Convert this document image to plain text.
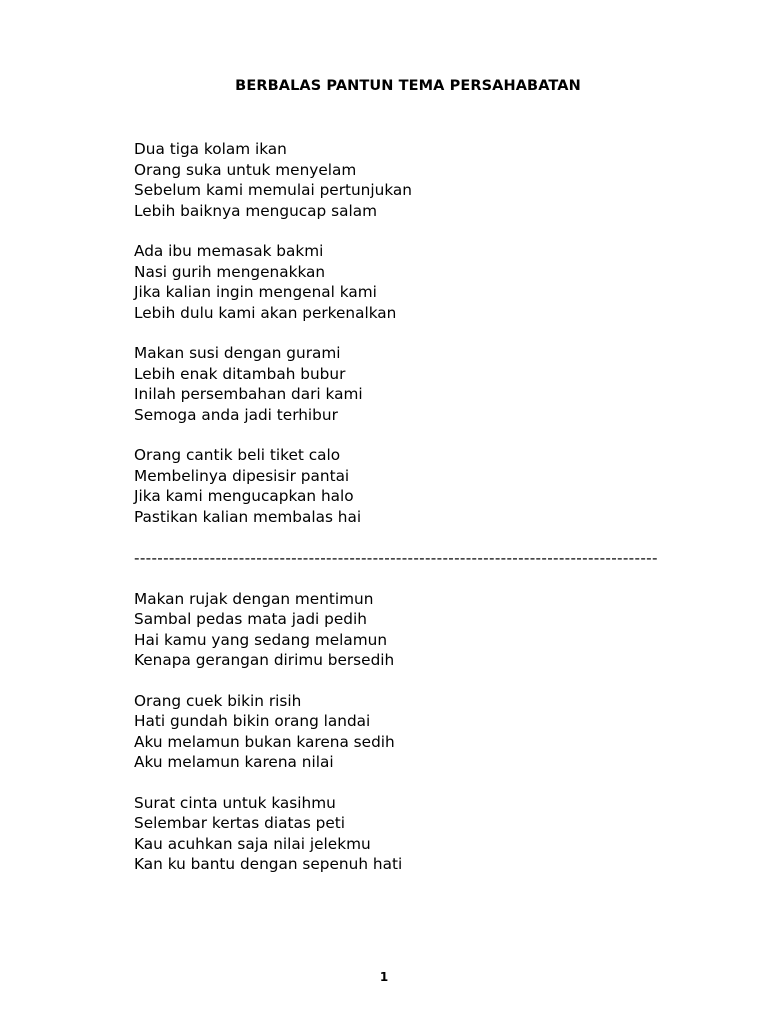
BERBALAS PANTUN TEMA PERSAHABATAN
Dua tiga kolam ikan
Orang suka untuk menyelam
Sebelum kami memulai pertunjukan
Lebih baiknya mengucap salam
Ada ibu memasak bakmi
Nasi gurih mengenakkan
Jika kalian ingin mengenal kami
Lebih dulu kami akan perkenalkan
Makan susi dengan gurami
Lebih enak ditambah bubur
Inilah persembahan dari kami
Semoga anda jadi terhibur
Orang cantik beli tiket calo
Membelinya dipesisir pantai
Jika kami mengucapkan halo
Pastikan kalian membalas hai
------------------------------------------------------------------------------------------
Makan rujak dengan mentimun
Sambal pedas mata jadi pedih
Hai kamu yang sedang melamun
Kenapa gerangan dirimu bersedih
Orang cuek bikin risih
Hati gundah bikin orang landai
Aku melamun bukan karena sedih
Aku melamun karena nilai
Surat cinta untuk kasihmu
Selembar kertas diatas peti
Kau acuhkan saja nilai jelekmu
Kan ku bantu dengan sepenuh hati
1
